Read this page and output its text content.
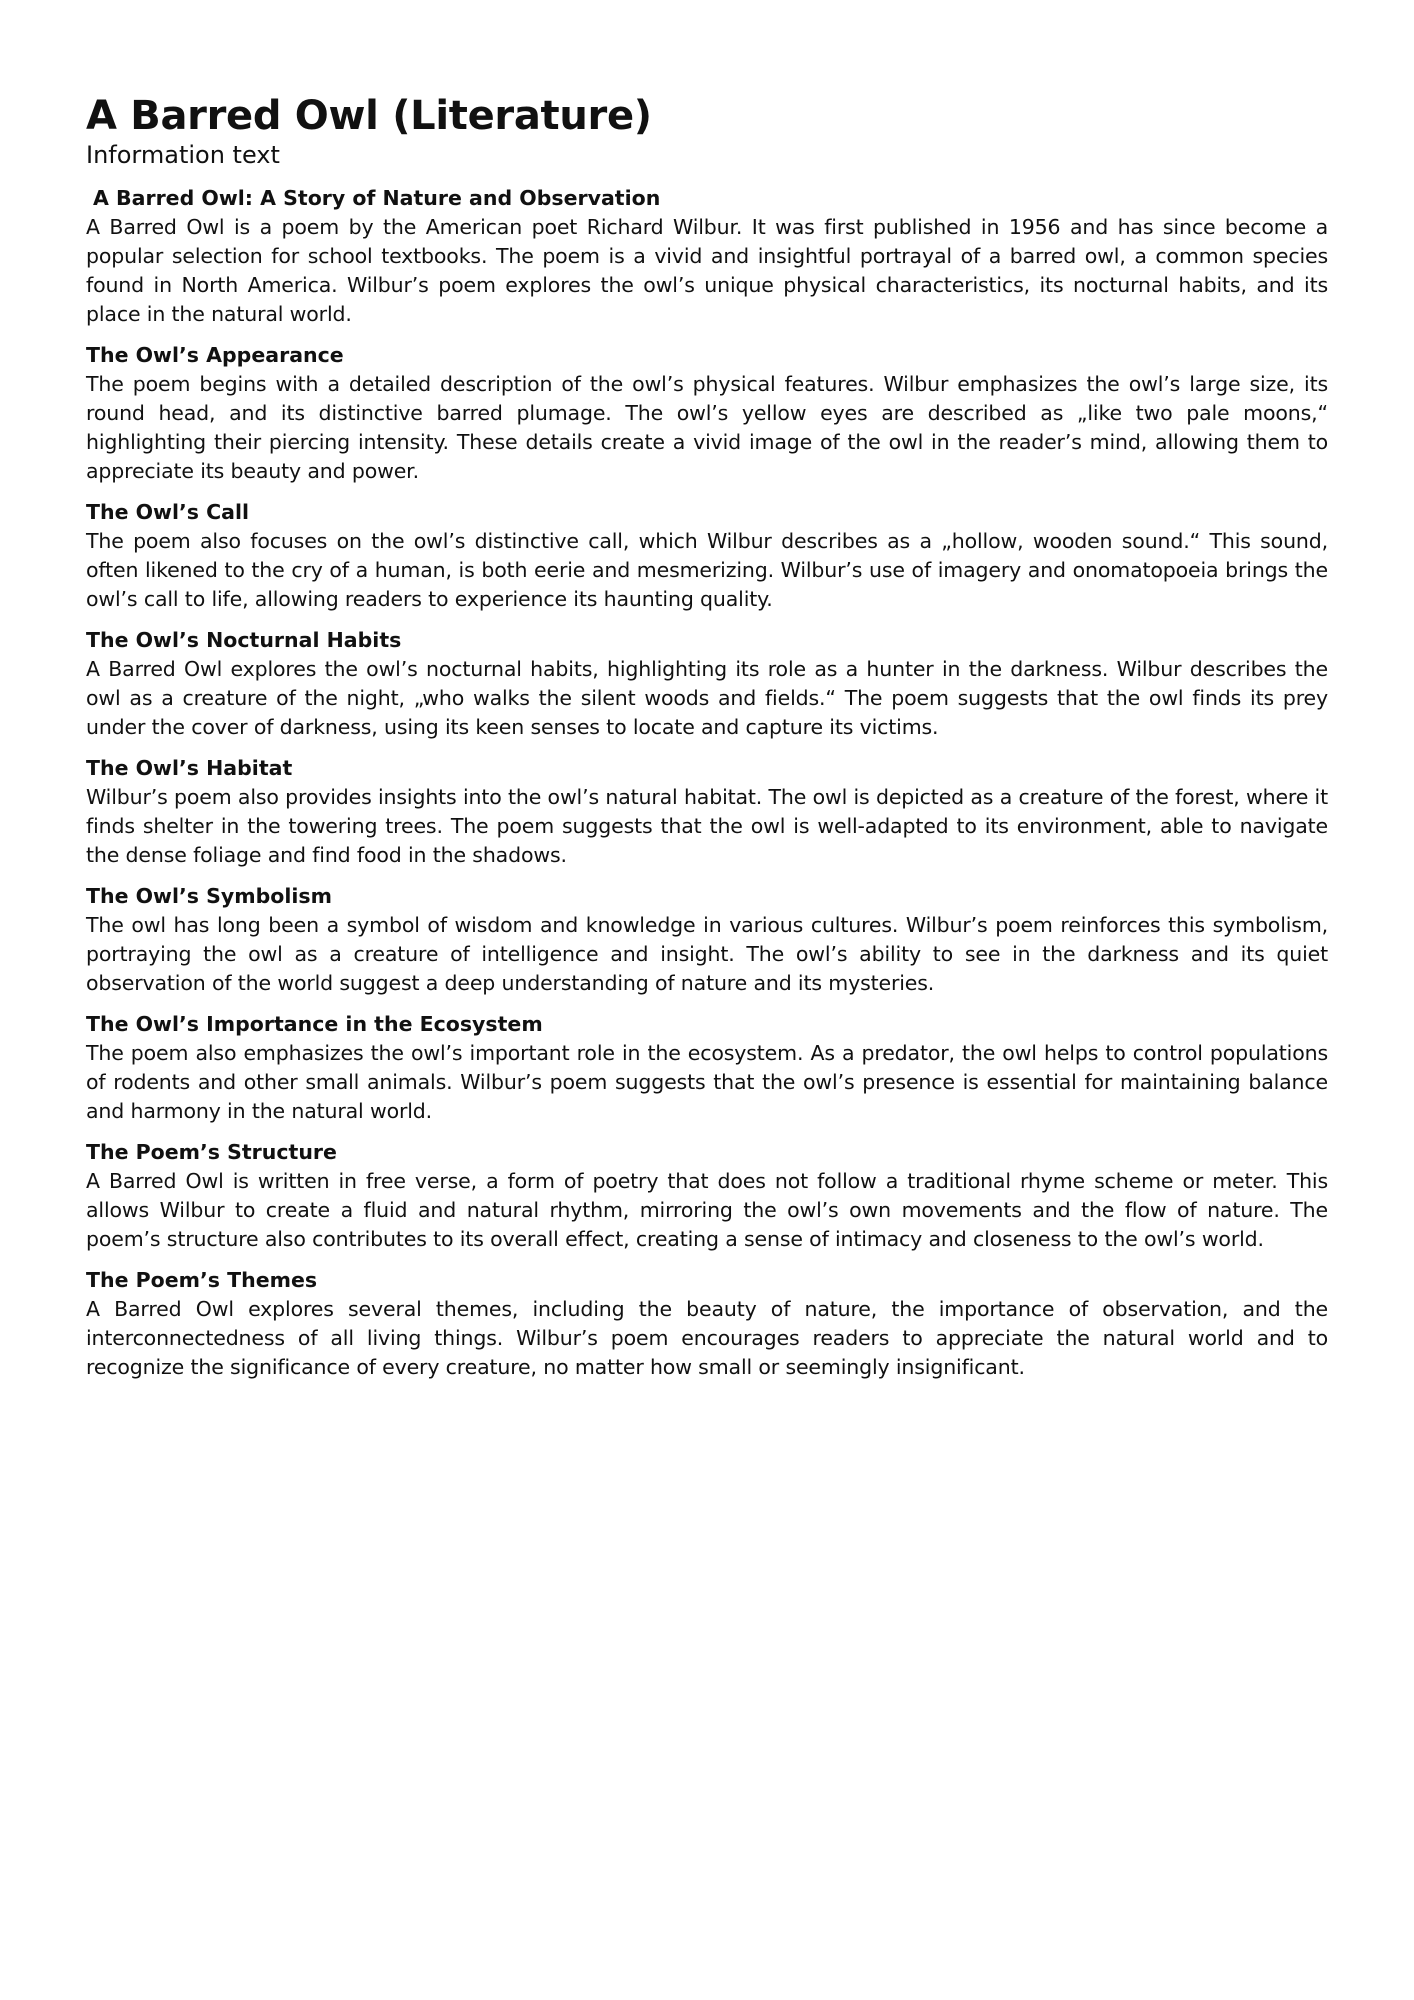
A Barred Owl (Literature)

Information text

A Barred Owl: A Story of Nature and Observation

A Barred Owl is a poem by the American poet Richard Wilbur. It was first published in 1956 and has since become a popular selection for school textbooks. The poem is a vivid and insightful portrayal of a barred owl, a common species found in North America. Wilbur’s poem explores the owl’s unique physical characteristics, its nocturnal habits, and its place in the natural world.

The Owl’s Appearance

The poem begins with a detailed description of the owl’s physical features. Wilbur emphasizes the owl’s large size, its round head, and its distinctive barred plumage. The owl’s yellow eyes are described as „like two pale moons,“ highlighting their piercing intensity. These details create a vivid image of the owl in the reader’s mind, allowing them to appreciate its beauty and power.

The Owl’s Call

The poem also focuses on the owl’s distinctive call, which Wilbur describes as a „hollow, wooden sound.“ This sound, often likened to the cry of a human, is both eerie and mesmerizing. Wilbur’s use of imagery and onomatopoeia brings the owl’s call to life, allowing readers to experience its haunting quality.

The Owl’s Nocturnal Habits

A Barred Owl explores the owl’s nocturnal habits, highlighting its role as a hunter in the darkness. Wilbur describes the owl as a creature of the night, „who walks the silent woods and fields.“ The poem suggests that the owl finds its prey under the cover of darkness, using its keen senses to locate and capture its victims.

The Owl’s Habitat

Wilbur’s poem also provides insights into the owl’s natural habitat. The owl is depicted as a creature of the forest, where it finds shelter in the towering trees. The poem suggests that the owl is well-adapted to its environment, able to navigate the dense foliage and find food in the shadows.

The Owl’s Symbolism

The owl has long been a symbol of wisdom and knowledge in various cultures. Wilbur’s poem reinforces this symbolism, portraying the owl as a creature of intelligence and insight. The owl’s ability to see in the darkness and its quiet observation of the world suggest a deep understanding of nature and its mysteries.

The Owl’s Importance in the Ecosystem

The poem also emphasizes the owl’s important role in the ecosystem. As a predator, the owl helps to control populations of rodents and other small animals. Wilbur’s poem suggests that the owl’s presence is essential for maintaining balance and harmony in the natural world.

The Poem’s Structure

A Barred Owl is written in free verse, a form of poetry that does not follow a traditional rhyme scheme or meter. This allows Wilbur to create a fluid and natural rhythm, mirroring the owl’s own movements and the flow of nature. The poem’s structure also contributes to its overall effect, creating a sense of intimacy and closeness to the owl’s world.

The Poem’s Themes

A Barred Owl explores several themes, including the beauty of nature, the importance of observation, and the interconnectedness of all living things. Wilbur’s poem encourages readers to appreciate the natural world and to recognize the significance of every creature, no matter how small or seemingly insignificant.
